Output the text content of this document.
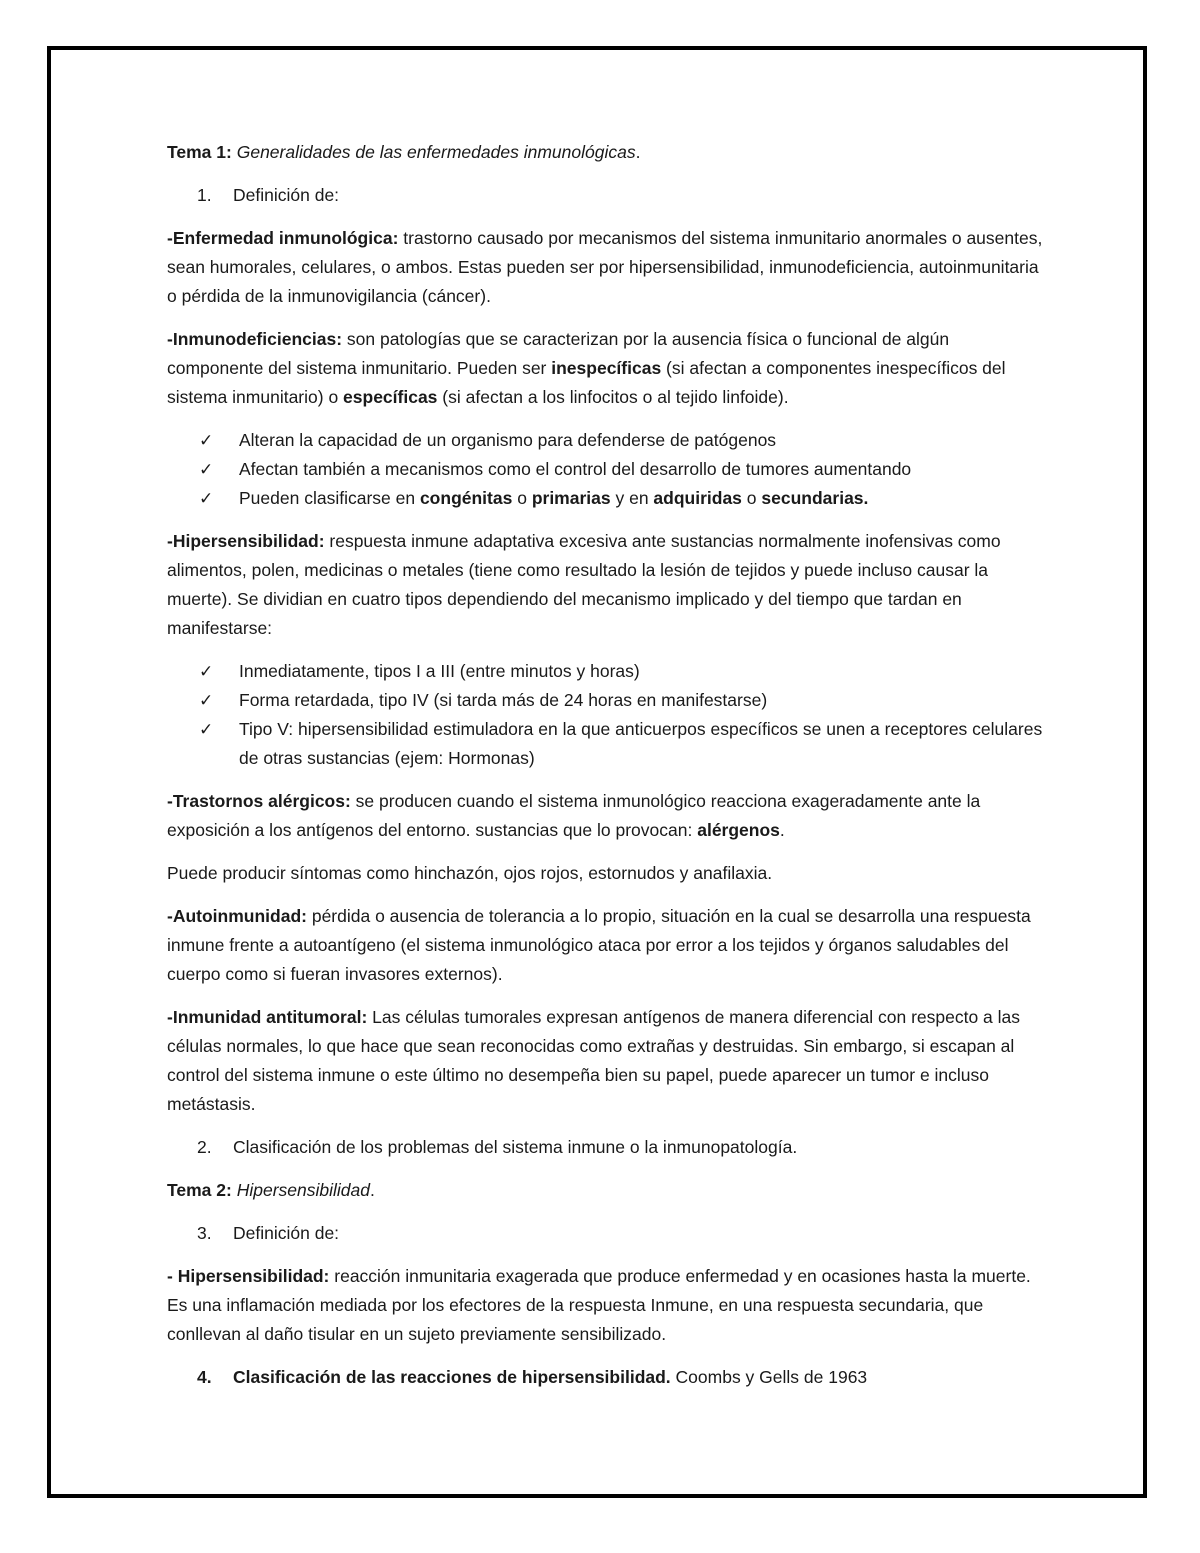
Tema 1: Generalidades de las enfermedades inmunológicas.

1.	Definición de:

-Enfermedad inmunológica: trastorno causado por mecanismos del sistema inmunitario anormales o ausentes, sean humorales, celulares, o ambos. Estas pueden ser por hipersensibilidad, inmunodeficiencia, autoinmunitaria o pérdida de la inmunovigilancia (cáncer).

-Inmunodeficiencias: son patologías que se caracterizan por la ausencia física o funcional de algún componente del sistema inmunitario. Pueden ser inespecíficas (si afectan a componentes inespecíficos del sistema inmunitario) o específicas (si afectan a los linfocitos o al tejido linfoide).

✓	Alteran la capacidad de un organismo para defenderse de patógenos
✓	Afectan también a mecanismos como el control del desarrollo de tumores aumentando
✓	Pueden clasificarse en congénitas o primarias y en adquiridas o secundarias.

-Hipersensibilidad: respuesta inmune adaptativa excesiva ante sustancias normalmente inofensivas como alimentos, polen, medicinas o metales (tiene como resultado la lesión de tejidos y puede incluso causar la muerte). Se dividian en cuatro tipos dependiendo del mecanismo implicado y del tiempo que tardan en manifestarse:

✓	Inmediatamente, tipos I a III (entre minutos y horas)
✓	Forma retardada, tipo IV (si tarda más de 24 horas en manifestarse)
✓	Tipo V: hipersensibilidad estimuladora en la que anticuerpos específicos se unen a receptores celulares de otras sustancias (ejem: Hormonas)

-Trastornos alérgicos: se producen cuando el sistema inmunológico reacciona exageradamente ante la exposición a los antígenos del entorno. sustancias que lo provocan: alérgenos.

Puede producir síntomas como hinchazón, ojos rojos, estornudos y anafilaxia.

-Autoinmunidad: pérdida o ausencia de tolerancia a lo propio, situación en la cual se desarrolla una respuesta inmune frente a autoantígeno (el sistema inmunológico ataca por error a los tejidos y órganos saludables del cuerpo como si fueran invasores externos).

-Inmunidad antitumoral: Las células tumorales expresan antígenos de manera diferencial con respecto a las células normales, lo que hace que sean reconocidas como extrañas y destruidas. Sin embargo, si escapan al control del sistema inmune o este último no desempeña bien su papel, puede aparecer un tumor e incluso metástasis.

2.	Clasificación de los problemas del sistema inmune o la inmunopatología.

Tema 2: Hipersensibilidad.

3.	Definición de:

- Hipersensibilidad: reacción inmunitaria exagerada que produce enfermedad y en ocasiones hasta la muerte. Es una inflamación mediada por los efectores de la respuesta Inmune, en una respuesta secundaria, que conllevan al daño tisular en un sujeto previamente sensibilizado.

4.	Clasificación de las reacciones de hipersensibilidad. Coombs y Gells de 1963
